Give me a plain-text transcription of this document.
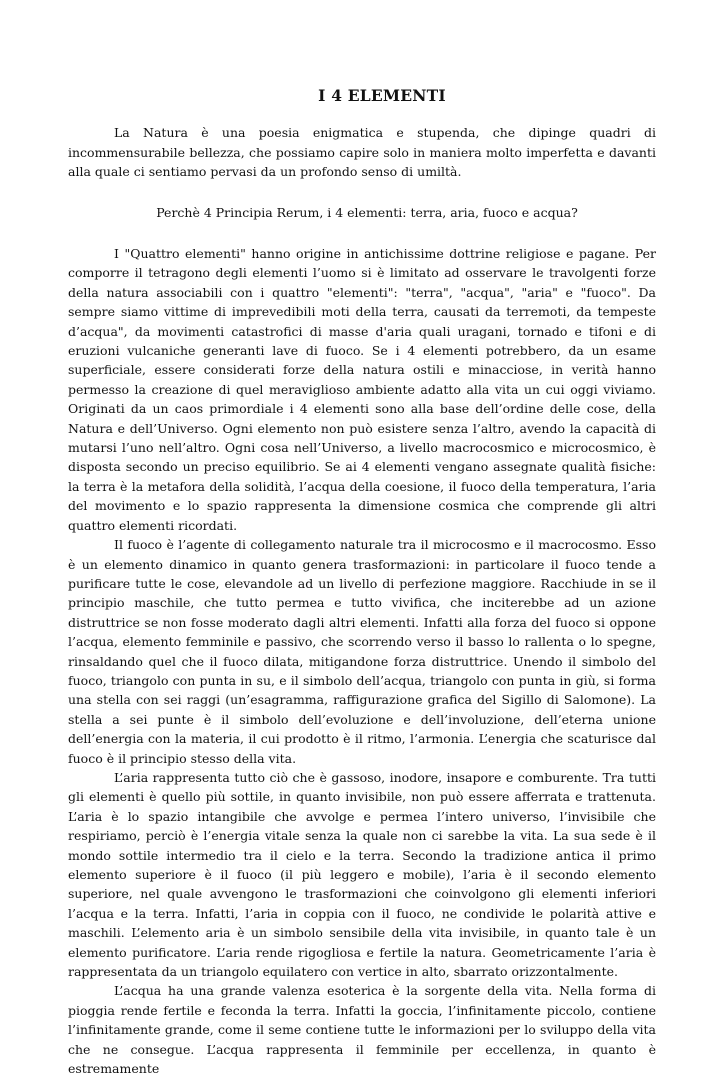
I 4 ELEMENTI

La Natura è una poesia enigmatica e stupenda, che dipinge quadri di incommensurabile bellezza, che possiamo capire solo in maniera molto imperfetta e davanti alla quale ci sentiamo pervasi da un profondo senso di umiltà.

Perchè 4 Principia Rerum, i 4 elementi: terra, aria, fuoco e acqua?

I "Quattro elementi" hanno origine in antichissime dottrine religiose e pagane. Per comporre il tetragono degli elementi l’uomo si è limitato ad osservare le travolgenti forze della natura associabili con i quattro "elementi": "terra", "acqua", "aria" e "fuoco". Da sempre siamo vittime di imprevedibili moti della terra, causati da terremoti, da tempeste d’acqua", da movimenti catastrofici di masse d'aria quali uragani, tornado e tifoni e di eruzioni vulcaniche generanti lave di fuoco. Se i 4 elementi potrebbero, da un esame superficiale, essere considerati forze della natura ostili e minacciose, in verità hanno permesso la creazione di quel meraviglioso ambiente adatto alla vita un cui oggi viviamo. Originati da un caos primordiale i 4 elementi sono alla base dell’ordine delle cose, della Natura e dell’Universo. Ogni elemento non può esistere senza l’altro, avendo la capacità di mutarsi l’uno nell’altro. Ogni cosa nell’Universo, a livello macrocosmico e microcosmico, è disposta secondo un preciso equilibrio. Se ai 4 elementi vengano assegnate qualità fisiche: la terra è la metafora della solidità, l’acqua della coesione, il fuoco della temperatura, l’aria del movimento e lo spazio rappresenta la dimensione cosmica che comprende gli altri quattro elementi ricordati.

Il fuoco è l’agente di collegamento naturale tra il microcosmo e il macrocosmo. Esso è un elemento dinamico in quanto genera trasformazioni: in particolare il fuoco tende a purificare tutte le cose, elevandole ad un livello di perfezione maggiore. Racchiude in se il principio maschile, che tutto permea e tutto vivifica, che inciterebbe ad un azione distruttrice se non fosse moderato dagli altri elementi. Infatti alla forza del fuoco si oppone l’acqua, elemento femminile e passivo, che scorrendo verso il basso lo rallenta o lo spegne, rinsaldando quel che il fuoco dilata, mitigandone forza distruttrice. Unendo il simbolo del fuoco, triangolo con punta in su, e il simbolo dell’acqua, triangolo con punta in giù, si forma una stella con sei raggi (un’esagramma, raffigurazione grafica del Sigillo di Salomone). La stella a sei punte è il simbolo dell’evoluzione e dell’involuzione, dell’eterna unione dell’energia con la materia, il cui prodotto è il ritmo, l’armonia. L’energia che scaturisce dal fuoco è il principio stesso della vita.

L’aria rappresenta tutto ciò che è gassoso, inodore, insapore e comburente. Tra tutti gli elementi è quello più sottile, in quanto invisibile, non può essere afferrata e trattenuta. L’aria è lo spazio intangibile che avvolge e permea l’intero universo, l’invisibile che respiriamo, perciò è l’energia vitale senza la quale non ci sarebbe la vita. La sua sede è il mondo sottile intermedio tra il cielo e la terra. Secondo la tradizione antica il primo elemento superiore è il fuoco (il più leggero e mobile), l’aria è il secondo elemento superiore, nel quale avvengono le trasformazioni che coinvolgono gli elementi inferiori l’acqua e la terra. Infatti, l’aria in coppia con il fuoco, ne condivide le polarità attive e maschili. L’elemento aria è un simbolo sensibile della vita invisibile, in quanto tale è un elemento purificatore. L’aria rende rigogliosa e fertile la natura. Geometricamente l’aria è rappresentata da un triangolo equilatero con vertice in alto, sbarrato orizzontalmente.

L’acqua ha una grande valenza esoterica è la sorgente della vita. Nella forma di pioggia rende fertile e feconda la terra. Infatti la goccia, l’infinitamente piccolo, contiene l’infinitamente grande, come il seme contiene tutte le informazioni per lo sviluppo della vita che ne consegue. L’acqua rappresenta il femminile per eccellenza, in quanto è estremamente
